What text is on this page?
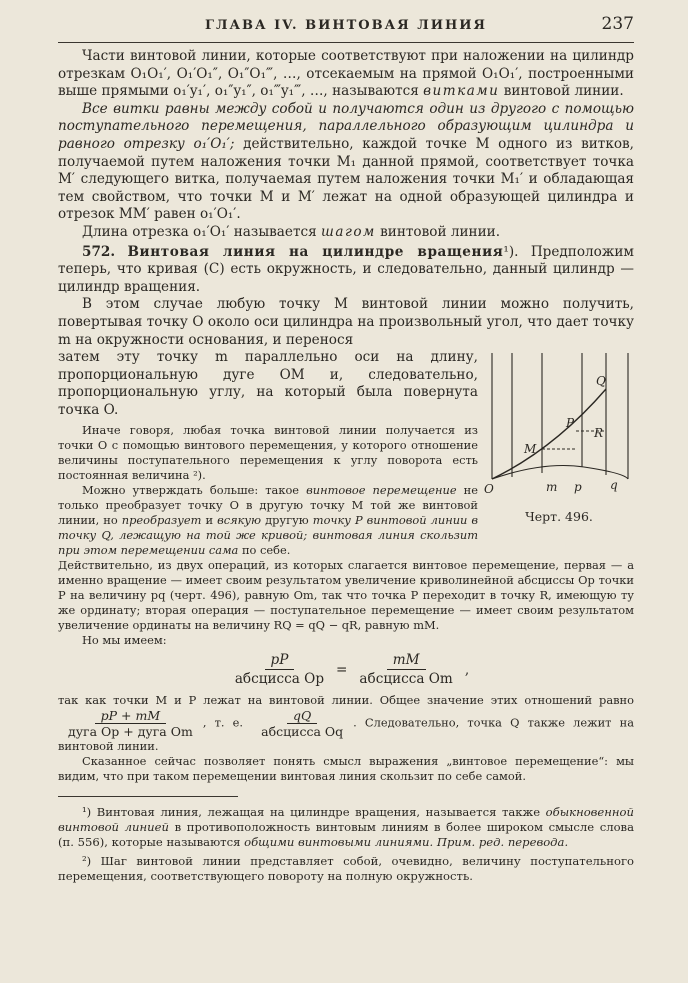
ГЛАВА IV. ВИНТОВАЯ ЛИНИЯ	237

Части винтовой линии, которые соответствуют при наложении на цилиндр отрезкам O₁O₁′, O₁′O₁″, O₁″O₁‴, …, отсекаемым на прямой O₁O₁′, построенными выше прямыми o₁′y₁′, o₁″y₁″, o₁‴y₁‴, …, называются витками винтовой линии.

Все витки равны между собой и получаются один из другого с помощью поступательного перемещения, параллельного образующим цилиндра и равного отрезку o₁′O₁′; действительно, каждой точке M одного из витков, получаемой путем наложения точки M₁ данной прямой, соответствует точка M′ следующего витка, получаемая путем наложения точки M₁′ и обладающая тем свойством, что точки M и M′ лежат на одной образующей цилиндра и отрезок MM′ равен o₁′O₁′.

Длина отрезка o₁′O₁′ называется шагом винтовой линии.

572. Винтовая линия на цилиндре вращения¹). Предположим теперь, что кривая (C) есть окружность, и следовательно, данный цилиндр — цилиндр вращения.

В этом случае любую точку M винтовой линии можно получить, повертывая точку O около оси цилиндра на произвольный угол, что дает точку m на окружности основания, и перенося

затем эту точку m параллельно оси на длину, пропорциональную дуге OM и, следовательно, пропорциональную углу, на который была повернута точка O.

Иначе говоря, любая точка винтовой линии получается из точки O с помощью винтового перемещения, у которого отношение величины поступательного перемещения к углу поворота есть постоянная величина ²).

Можно утверждать больше: такое винтовое перемещение не только преобразует точку O в другую точку M той же винтовой линии, но преобразует и всякую другую точку P винтовой линии в точку Q, лежащую на той же кривой; винтовая линия скользит при этом перемещении сама по себе.

O
M
m p q
P
Q
R
Черт. 496.

Действительно, из двух операций, из которых слагается винтовое перемещение, первая — а именно вращение — имеет своим результатом увеличение криволинейной абсциссы Op точки P на величину pq (черт. 496), равную Om, так что точка P переходит в точку R, имеющую ту же ординату; вторая операция — поступательное перемещение — имеет своим результатом увеличение ординаты на величину RQ = qQ − qR, равную mM.

Но мы имеем:

$\frac{pP}{\text{абсцисса Op}} = \frac{mM}{\text{абсцисса Om}}$ ,

так как точки M и P лежат на винтовой линии. Общее значение этих отношений равно
$\frac{pP + mM}{\text{дуга Op + дуга Om}}$ , т. е. $\frac{qQ}{\text{абсцисса Oq}}$ . Следовательно, точка Q также лежит на винтовой линии.

Сказанное сейчас позволяет понять смысл выражения „винтовое перемещение“: мы видим, что при таком перемещении винтовая линия скользит по себе самой.

¹) Винтовая линия, лежащая на цилиндре вращения, называется также обыкновенной винтовой линией в противоположность винтовым линиям в более широком смысле слова (п. 556), которые называются общими винтовыми линиями. Прим. ред. перевода.

²) Шаг винтовой линии представляет собой, очевидно, величину поступательного перемещения, соответствующего повороту на полную окружность.
